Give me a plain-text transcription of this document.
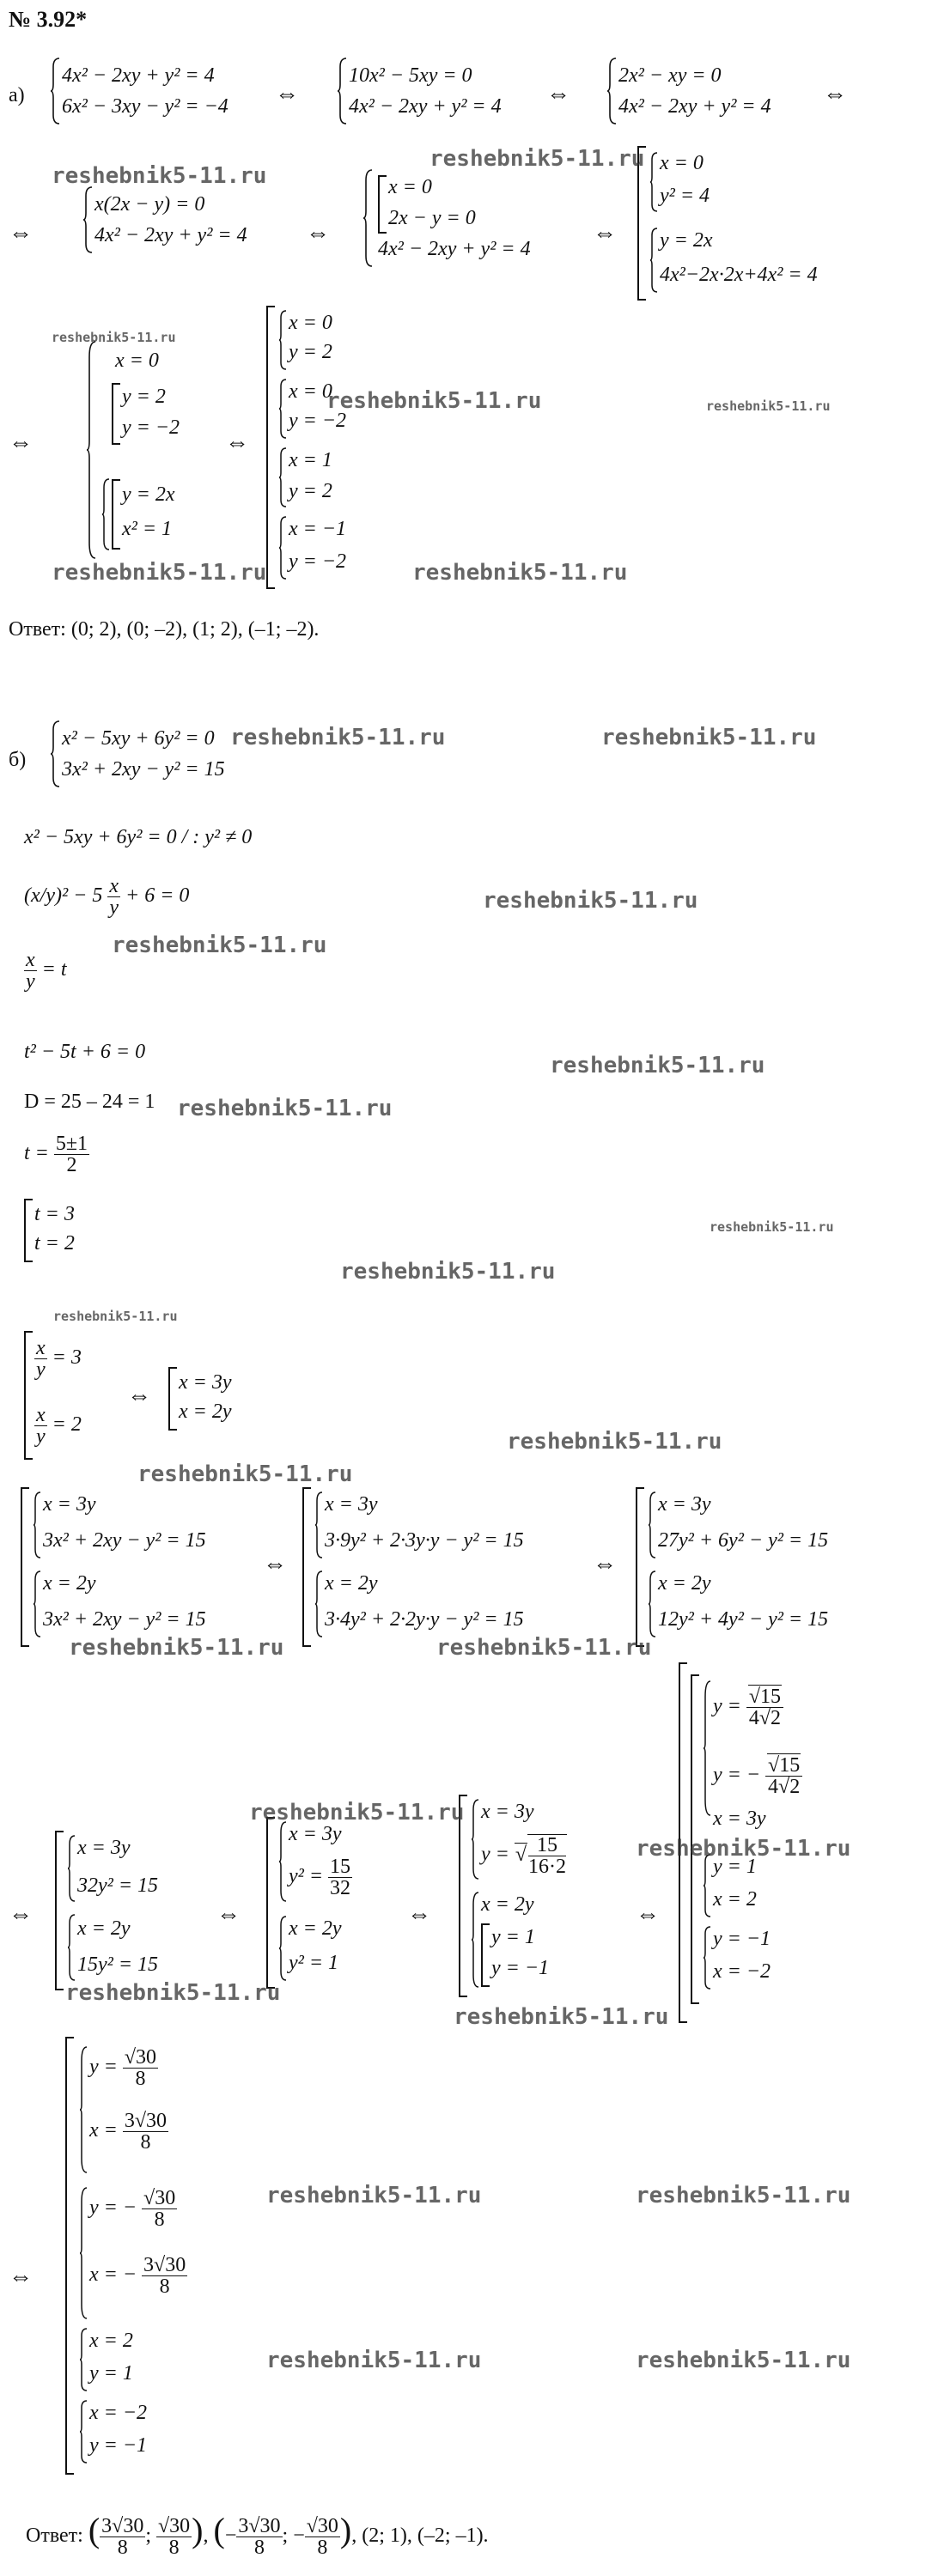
№ 3.92*
а)
4x² − 2xy + y² = 4
6x² − 3xy − y² = −4 ⇔
10x² − 5xy = 0
4x² − 2xy + y² = 4 ⇔
2x² − xy = 0
4x² − 2xy + y² = 4 ⇔
⇔
x(2x − y) = 0
4x² − 2xy + y² = 4 ⇔
x = 0
2x − y = 0
4x² − 2xy + y² = 4
⇔
x = 0
y² = 4
y = 2x
4x²−2x·2x+4x² = 4
⇔
x = 0
y = 2
y = −2
y = 2x
x² = 1
⇔
x = 0
y = 2
x = 0
y = −2
x = 1
y = 2
x = −1
y = −2
Ответ: (0; 2), (0; –2), (1; 2), (–1; –2).
б)
x² − 5xy + 6y² = 0
3x² + 2xy − y² = 15
x² − 5xy + 6y² = 0 / : y² ≠ 0
$(x/y)^2 - 5 \frac{x}{y} + 6 = 0$
$\frac{x}{y} = t$
t² − 5t + 6 = 0
D = 25 – 24 = 1
$t = \frac{5\pm 1}{2}$
t = 3
t = 2
$\frac{x}{y} = 3$
$\frac{x}{y} = 2$
⇔ x = 3y
x = 2y
x = 3y
3x² + 2xy − y² = 15
x = 2y
3x² + 2xy − y² = 15
⇔
x = 3y
3·9y² + 2·3y·y − y² = 15
x = 2y
3·4y² + 2·2y·y − y² = 15
⇔
x = 3y
27y² + 6y² − y² = 15
x = 2y
12y² + 4y² − y² = 15
⇔
x = 3y
32y² = 15
x = 2y
15y² = 15
⇔
x = 3y
$y^2 = \frac{15}{32}$
x = 2y
y² = 1
⇔
x = 3y
y = √ $\frac{15}{16\cdot 2}$
x = 2y
y = 1
y = −1
⇔
$y = \frac{√15}{4√2}$
y = − $\frac{√15}{4√2}$
x = 3y
y = 1
x = 2
y = −1
x = −2
⇔
$y = \frac{√30}{8}$
$x = \frac{3√30}{8}$
y = − $\frac{√30}{8}$
x = − $\frac{3√30}{8}$
x = 2
y = 1
x = −2
y = −1
Ответ: ( $\frac{3√30}{8}$ ; $\frac{√30}{8}$ ), (− $\frac{3√30}{8}$ ; − $\frac{√30}{8}$ ), (2; 1), (–2; –1).
reshebnik5-11.ru
reshebnik5-11.ru
reshebnik5-11.ru
reshebnik5-11.ru	reshebnik5-11.ru
reshebnik5-11.ru	reshebnik5-11.ru
reshebnik5-11.ru	reshebnik5-11.ru
reshebnik5-11.ru
reshebnik5-11.ru
reshebnik5-11.ru
reshebnik5-11.ru
reshebnik5-11.ru
reshebnik5-11.ru
reshebnik5-11.ru
reshebnik5-11.ru
reshebnik5-11.ru
reshebnik5-11.ru	reshebnik5-11.ru
reshebnik5-11.ru
reshebnik5-11.ru
reshebnik5-11.ru
reshebnik5-11.ru
reshebnik5-11.ru	reshebnik5-11.ru
reshebnik5-11.ru	reshebnik5-11.ru
